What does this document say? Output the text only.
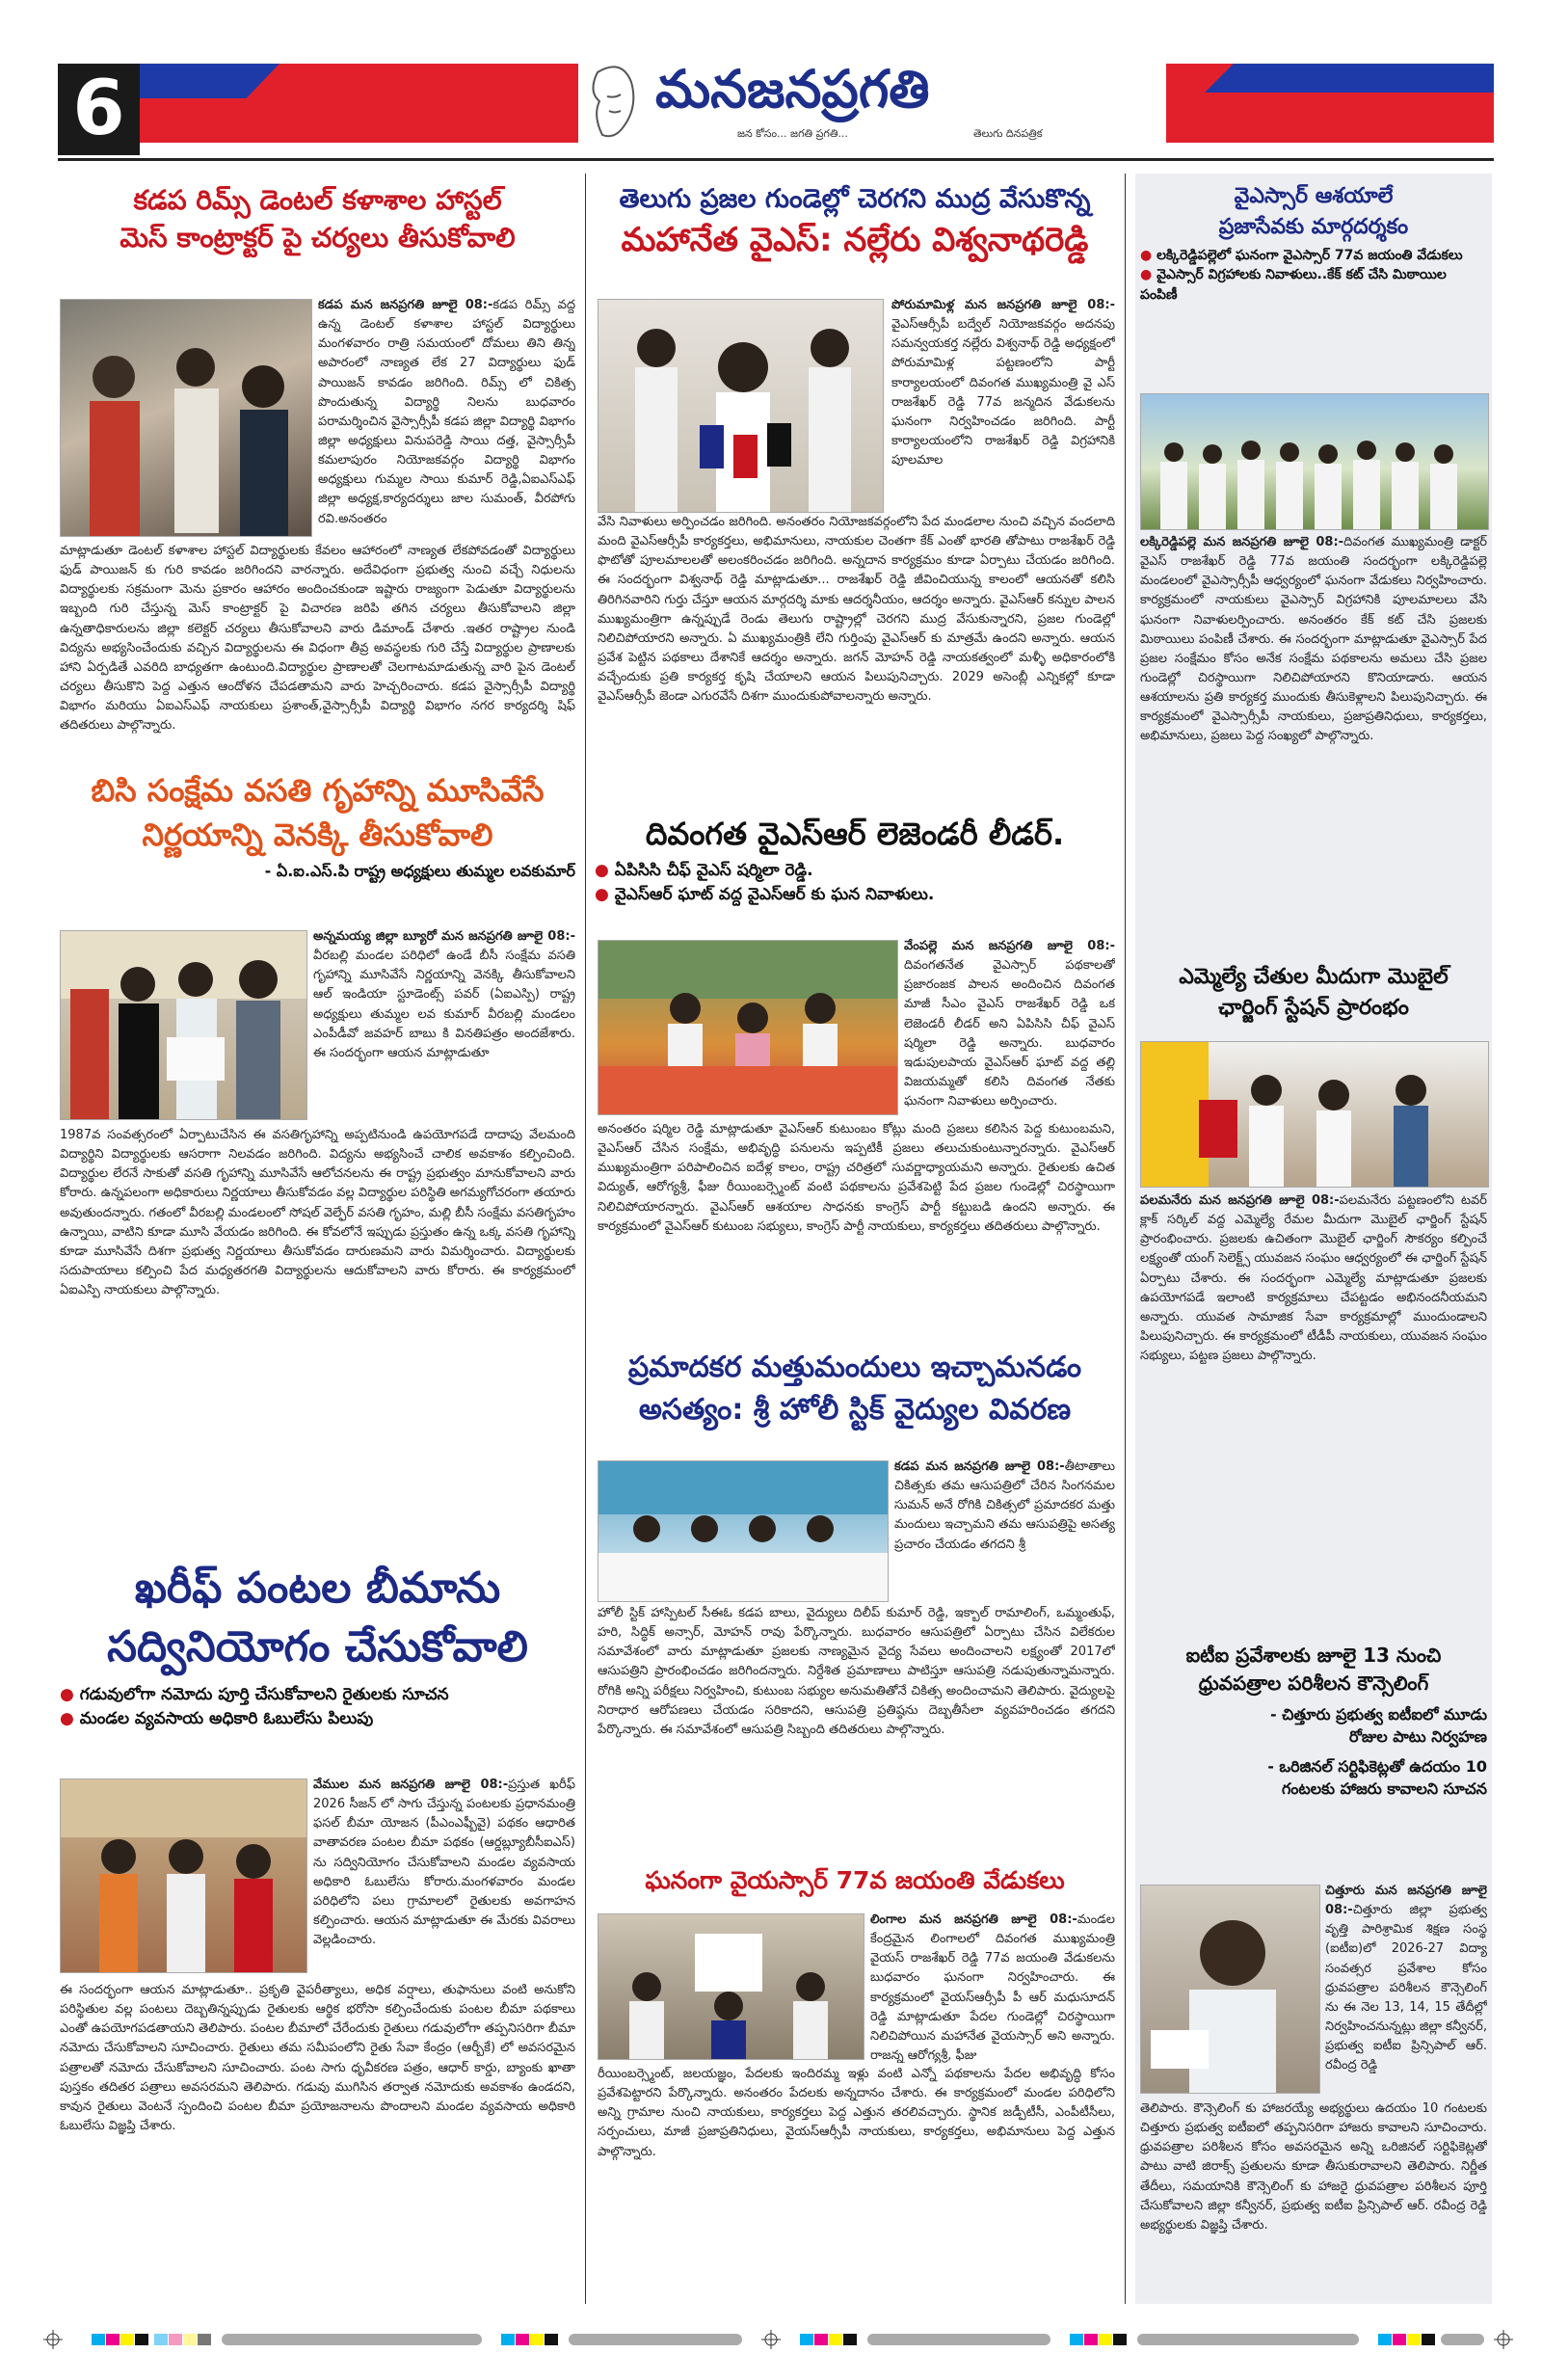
6	మనజనప్రగతి
జన కోసం... జగతి ప్రగతి...	తెలుగు దినపత్రిక	09 - 07 - 2026
కడప రిమ్స్ డెంటల్ కళాశాల హాస్టల్
మెస్ కాంట్రాక్టర్ పై చర్యలు తీసుకోవాలి
కడప మన జనప్రగతి జూలై 08:-కడప రిమ్స్ వద్ద ఉన్న డెంటల్ కళాశాల హాస్టల్ విద్యార్థులు మంగళవారం రాత్రి సమయంలో దోమలు తిని తిన్న అపారంలో నాణ్యత లేక 27 విద్యార్థులు ఫుడ్ పాయిజన్ కావడం జరిగింది. రిమ్స్ లో చికిత్స పొందుతున్న విద్యార్థి నిలను బుధవారం పరామర్శించిన వైస్సార్సీపీ కడప జిల్లా విద్యార్థి విభాగం జిల్లా అధ్యక్షులు వినుపరెడ్డి సాయి దత్త, వైస్సార్సీపీ కమలాపురం నియోజకవర్గం విద్యార్థి విభాగం అధ్యక్షులు గుమ్మల సాయి కుమార్ రెడ్డి,ఏఐఎస్ఎఫ్ జిల్లా అధ్యక్ష,కార్యదర్శులు జాల సుమంత్, వీరపోగు రవి.అనంతరం
మాట్లాడుతూ డెంటల్ కళాశాల హాస్టల్ విద్యార్థులకు కేవలం ఆహారంలో నాణ్యత లేకపోవడంతో విద్యార్థులు ఫుడ్ పాయిజన్ కు గురి కావడం జరిగిందని వారన్నారు. అదేవిధంగా ప్రభుత్వ నుంచి వచ్చే నిధులను విద్యార్థులకు సక్రమంగా మెను ప్రకారం ఆహారం అందించకుండా ఇష్టారు రాజ్యంగా పెడుతూ విద్యార్థులను ఇబ్బంది గురి చేస్తున్న మెస్ కాంట్రాక్టర్ పై విచారణ జరిపి తగిన చర్యలు తీసుకోవాలని జిల్లా ఉన్నతాధికారులను జిల్లా కలెక్టర్ చర్యలు తీసుకోవాలని వారు డిమాండ్ చేశారు .ఇతర రాష్ట్రాల నుండి విద్యను అభ్యసించేందుకు వచ్చిన విద్యార్థులను ఈ విధంగా తీవ్ర అవస్థలకు గురి చేస్తే విద్యార్థుల ప్రాణాలకు హాని ఏర్పడితే ఎవరిది బాధ్యతగా ఉంటుంది.విద్యార్థుల ప్రాణాలతో చెలగాటమాడుతున్న వారి పైన డెంటల్ చర్యలు తీసుకొని పెద్ద ఎత్తున ఆందోళన చేపడతామని వారు హెచ్చరించారు. కడప వైస్సార్సీపీ విద్యార్థి విభాగం మరియు ఏఐఎస్ఎఫ్ నాయకులు ప్రశాంత్,వైస్సార్సీపీ విద్యార్థి విభాగం నగర కార్యదర్శి షిఫ్ తదితరులు పాల్గొన్నారు.
బిసి సంక్షేమ వసతి గృహాన్ని మూసివేసే
నిర్ణయాన్ని వెనక్కి తీసుకోవాలి
- ఏ.ఐ.ఎస్.పి రాష్ట్ర అధ్యక్షులు తుమ్మల లవకుమార్
అన్నమయ్య జిల్లా బ్యూరో మన జనప్రగతి జూలై 08:-వీరబల్లి మండల పరిధిలో ఉండే బీసీ సంక్షేమ వసతి గృహాన్ని మూసివేసే నిర్ణయాన్ని వెనక్కి తీసుకోవాలని ఆల్ ఇండియా స్టూడెంట్స్ పవర్ (ఏఐఎస్పి) రాష్ట్ర అధ్యక్షులు తుమ్మల లవ కుమార్ వీరబల్లి మండలం ఎంపీడీవో జవహర్ బాబు కి వినతిపత్రం అందజేశారు. ఈ సందర్భంగా ఆయన మాట్లాడుతూ
1987వ సంవత్సరంలో ఏర్పాటుచేసిన ఈ వసతిగృహాన్ని అప్పటినుండి ఉపయోగపడే దాదాపు వేలమంది విద్యార్థిని విద్యార్థులకు ఆసరాగా నిలవడం జరిగింది. విద్యను అభ్యసించే చాలిక అవకాశం కల్పించింది. విద్యార్థుల లేరనే సాకుతో వసతి గృహాన్ని మూసివేసే ఆలోచనలను ఈ రాష్ట్ర ప్రభుత్వం మానుకోవాలని వారు కోరారు. ఉన్నపలంగా అధికారులు నిర్ణయాలు తీసుకోవడం వల్ల విద్యార్థుల పరిస్థితి అగమ్యగోచరంగా తయారు అవుతుందన్నారు. గతంలో వీరబల్లి మండలంలో సోషల్ వెల్ఫేర్ వసతి గృహం, మల్లి బీసీ సంక్షేమ వసతిగృహం ఉన్నాయి, వాటిని కూడా మూసి వేయడం జరిగింది. ఈ కోవలోనే ఇప్పుడు ప్రస్తుతం ఉన్న ఒక్క వసతి గృహాన్ని కూడా మూసివేసే దిశగా ప్రభుత్వ నిర్ణయాలు తీసుకోవడం దారుణమని వారు విమర్శించారు. విద్యార్థులకు సదుపాయాలు కల్పించి పేద మధ్యతరగతి విద్యార్థులను ఆదుకోవాలని వారు కోరారు. ఈ కార్యక్రమంలో ఏఐఎస్పి నాయకులు పాల్గొన్నారు.
ఖరీఫ్ పంటల బీమాను
సద్వినియోగం చేసుకోవాలి
● గడువులోగా నమోదు పూర్తి చేసుకోవాలని రైతులకు సూచన
● మండల వ్యవసాయ అధికారి ఓబులేసు పిలుపు
వేముల మన జనప్రగతి జూలై 08:-ప్రస్తుత ఖరీఫ్ 2026 సీజన్ లో సాగు చేస్తున్న పంటలకు ప్రధానమంత్రి ఫసల్ బీమా యోజన (పీఎంఎఫ్బీవై) పథకం ఆధారిత వాతావరణ పంటల బీమా పథకం (ఆర్డబ్ల్యూబీసీఐఎస్) ను సద్వినియోగం చేసుకోవాలని మండల వ్యవసాయ అధికారి ఓబులేసు కోరారు.మంగళవారం మండల పరిధిలోని పలు గ్రామాలలో రైతులకు అవగాహన కల్పించారు. ఆయన మాట్లాడుతూ ఈ మేరకు వివరాలు వెల్లడించారు.
ఈ సందర్భంగా ఆయన మాట్లాడుతూ.. ప్రకృతి వైపరీత్యాలు, అధిక వర్షాలు, తుఫానులు వంటి అనుకోని పరిస్థితుల వల్ల పంటలు దెబ్బతిన్నప్పుడు రైతులకు ఆర్థిక భరోసా కల్పించేందుకు పంటల బీమా పథకాలు ఎంతో ఉపయోగపడతాయని తెలిపారు. పంటల బీమాలో చేరేందుకు రైతులు గడువులోగా తప్పనిసరిగా బీమా నమోదు చేసుకోవాలని సూచించారు. రైతులు తమ సమీపంలోని రైతు సేవా కేంద్రం (ఆర్బీకే) లో అవసరమైన పత్రాలతో నమోదు చేసుకోవాలని సూచించారు. పంట సాగు ధృవీకరణ పత్రం, ఆధార్ కార్డు, బ్యాంకు ఖాతా పుస్తకం తదితర పత్రాలు అవసరమని తెలిపారు. గడువు ముగిసిన తర్వాత నమోదుకు అవకాశం ఉండదని, కావున రైతులు వెంటనే స్పందించి పంటల బీమా ప్రయోజనాలను పొందాలని మండల వ్యవసాయ అధికారి ఓబులేసు విజ్ఞప్తి చేశారు.
తెలుగు ప్రజల గుండెల్లో చెరగని ముద్ర వేసుకొన్న
మహానేత వైఎస్: నల్లేరు విశ్వనాథరెడ్డి
పోరుమామిళ్ల మన జనప్రగతి జూలై 08:-వైఎస్ఆర్సీపీ బద్వేల్ నియోజకవర్గం అదనపు సమన్వయకర్త నల్లేరు విశ్వనాథ్ రెడ్డి అధ్యక్షంలో పోరుమామిళ్ల పట్టణంలోని పార్టీ కార్యాలయంలో దివంగత ముఖ్యమంత్రి వై ఎస్ రాజశేఖర్ రెడ్డి 77వ జన్మదిన వేడుకలను ఘనంగా నిర్వహించడం జరిగింది. పార్టీ కార్యాలయంలోని రాజశేఖర్ రెడ్డి విగ్రహానికి పూలమాల
వేసి నివాళులు అర్పించడం జరిగింది. అనంతరం నియోజకవర్గంలోని పేద మండలాల నుంచి వచ్చిన వందలాది మంది వైఎస్ఆర్సీపీ కార్యకర్తలు, అభిమానులు, నాయకుల చెంతగా కేక్ ఎంతో భారతి తోపాటు రాజశేఖర్ రెడ్డి ఫొటోతో పూలమాలలతో అలంకరించడం జరిగింది. అన్నదాన కార్యక్రమం కూడా ఏర్పాటు చేయడం జరిగింది. ఈ సందర్భంగా విశ్వనాథ్ రెడ్డి మాట్లాడుతూ... రాజశేఖర్ రెడ్డి జీవించియున్న కాలంలో ఆయనతో కలిసి తిరిగినవారిని గుర్తు చేస్తూ ఆయన మార్గదర్శి మాకు ఆదర్శనీయం, ఆదర్శం అన్నారు. వైఎస్ఆర్ కన్నుల పాలన ముఖ్యమంత్రిగా ఉన్నప్పుడే రెండు తెలుగు రాష్ట్రాల్లో చెరగని ముద్ర వేసుకున్నారని, ప్రజల గుండెల్లో నిలిచిపోయారని అన్నారు. ఏ ముఖ్యమంత్రికి లేని గుర్తింపు వైఎస్ఆర్ కు మాత్రమే ఉందని అన్నారు. ఆయన ప్రవేశ పెట్టిన పథకాలు దేశానికే ఆదర్శం అన్నారు. జగన్ మోహన్ రెడ్డి నాయకత్వంలో మళ్ళీ అధికారంలోకి వచ్చేందుకు ప్రతి కార్యకర్త కృషి చేయాలని ఆయన పిలుపునిచ్చారు. 2029 అసెంబ్లీ ఎన్నికల్లో కూడా వైఎస్ఆర్సీపీ జెండా ఎగురవేసే దిశగా ముందుకుపోవాలన్నారు అన్నారు.
దివంగత వైఎస్ఆర్ లెజెండరీ లీడర్.
● ఏపిసిసి చీఫ్ వైఎస్ షర్మిలా రెడ్డి.
● వైఎస్ఆర్ ఘాట్ వద్ద వైఎస్ఆర్ కు ఘన నివాళులు.
వేంపల్లె మన జనప్రగతి జూలై 08:-దివంగతనేత వైఎస్సార్ పథకాలతో ప్రజారంజక పాలన అందించిన దివంగత మాజీ సీఎం వైఎస్ రాజశేఖర్ రెడ్డి ఒక లెజెండరీ లీడర్ అని ఏపిసిసి చీఫ్ వైఎస్ షర్మిలా రెడ్డి అన్నారు. బుధవారం ఇడుపులపాయ వైఎస్ఆర్ ఘాట్ వద్ద తల్లి విజయమ్మతో కలిసి దివంగత నేతకు ఘనంగా నివాళులు అర్పించారు.
అనంతరం షర్మిల రెడ్డి మాట్లాడుతూ వైఎస్ఆర్ కుటుంబం కోట్లు మంది ప్రజలు కలిసిన పెద్ద కుటుంబమని, వైఎస్ఆర్ చేసిన సంక్షేమ, అభివృద్ధి పనులను ఇప్పటికీ ప్రజలు తలుచుకుంటున్నారన్నారు. వైఎస్ఆర్ ముఖ్యమంత్రిగా పరిపాలించిన ఐదేళ్ల కాలం, రాష్ట్ర చరిత్రలో సువర్ణాధ్యాయమని అన్నారు. రైతులకు ఉచిత విద్యుత్, ఆరోగ్యశ్రీ, ఫీజు రీయింబర్స్మెంట్ వంటి పథకాలను ప్రవేశపెట్టి పేద ప్రజల గుండెల్లో చిరస్థాయిగా నిలిచిపోయారన్నారు. వైఎస్ఆర్ ఆశయాల సాధనకు కాంగ్రెస్ పార్టీ కట్టుబడి ఉందని అన్నారు. ఈ కార్యక్రమంలో వైఎస్ఆర్ కుటుంబ సభ్యులు, కాంగ్రెస్ పార్టీ నాయకులు, కార్యకర్తలు తదితరులు పాల్గొన్నారు.
ప్రమాదకర మత్తుమందులు ఇచ్చామనడం
అసత్యం: శ్రీ హోలీ స్టిక్ వైద్యుల వివరణ
కడప మన జనప్రగతి జూలై 08:-తీటాతాలు చికిత్సకు తమ ఆసుపత్రిలో చేరిన సింగనమల సుమన్ అనే రోగికి చికిత్సలో ప్రమాదకర మత్తు మందులు ఇచ్చామని తమ ఆసుపత్రిపై అసత్య ప్రచారం చేయడం తగదని శ్రీ
హోలీ స్టిక్ హాస్పిటల్ సీఈఓ కడప బాలు, వైద్యులు దిలీప్ కుమార్ రెడ్డి, ఇక్బాల్ రామాలింగ్, ఒమ్మంతుఫ్, హరి, సిద్ధిక్ అన్సార్, మోహన్ రావు పేర్కొన్నారు. బుధవారం ఆసుపత్రిలో ఏర్పాటు చేసిన విలేకరుల సమావేశంలో వారు మాట్లాడుతూ ప్రజలకు నాణ్యమైన వైద్య సేవలు అందించాలని లక్ష్యంతో 2017లో ఆసుపత్రిని ప్రారంభించడం జరిగిందన్నారు. నిర్దేశిత ప్రమాణాలు పాటిస్తూ ఆసుపత్రి నడుపుతున్నామన్నారు. రోగికి అన్ని పరీక్షలు నిర్వహించి, కుటుంబ సభ్యుల అనుమతితోనే చికిత్స అందించామని తెలిపారు. వైద్యులపై నిరాధార ఆరోపణలు చేయడం సరికాదని, ఆసుపత్రి ప్రతిష్ఠను దెబ్బతీసేలా వ్యవహరించడం తగదని పేర్కొన్నారు. ఈ సమావేశంలో ఆసుపత్రి సిబ్బంది తదితరులు పాల్గొన్నారు.
ఘనంగా వైయస్సార్ 77వ జయంతి వేడుకలు
లింగాల మన జనప్రగతి జూలై 08:-మండల కేంద్రమైన లింగాలలో దివంగత ముఖ్యమంత్రి వైయస్ రాజశేఖర్ రెడ్డి 77వ జయంతి వేడుకలను బుధవారం ఘనంగా నిర్వహించారు. ఈ కార్యక్రమంలో వైయస్ఆర్సీపీ పీ ఆర్ మధుసూదన్ రెడ్డి మాట్లాడుతూ పేదల గుండెల్లో చిరస్థాయిగా నిలిచిపోయిన మహానేత వైయస్సార్ అని అన్నారు. రాజన్న ఆరోగ్యశ్రీ, ఫీజు
రీయింబర్స్మెంట్, జలయజ్ఞం, పేదలకు ఇందిరమ్మ ఇళ్లు వంటి ఎన్నో పథకాలను పేదల అభివృద్ధి కోసం ప్రవేశపెట్టారని పేర్కొన్నారు. అనంతరం పేదలకు అన్నదానం చేశారు. ఈ కార్యక్రమంలో మండల పరిధిలోని అన్ని గ్రామాల నుంచి నాయకులు, కార్యకర్తలు పెద్ద ఎత్తున తరలివచ్చారు. స్థానిక జడ్పీటీసీ, ఎంపీటీసీలు, సర్పంచులు, మాజీ ప్రజాప్రతినిధులు, వైయస్ఆర్సీపీ నాయకులు, కార్యకర్తలు, అభిమానులు పెద్ద ఎత్తున పాల్గొన్నారు.
వైఎస్సార్ ఆశయాలే
ప్రజాసేవకు మార్గదర్శకం
● లక్కిరెడ్డిపల్లెలో ఘనంగా వైఎస్సార్ 77వ జయంతి వేడుకలు
● వైఎస్సార్ విగ్రహాలకు నివాళులు..కేక్ కట్ చేసి మిఠాయిల పంపిణీ
లక్కిరెడ్డిపల్లె మన జనప్రగతి జూలై 08:-దివంగత ముఖ్యమంత్రి డాక్టర్ వైఎస్ రాజశేఖర్ రెడ్డి 77వ జయంతి సందర్భంగా లక్కిరెడ్డిపల్లె మండలంలో వైఎస్సార్సీపీ ఆధ్వర్యంలో ఘనంగా వేడుకలు నిర్వహించారు. కార్యక్రమంలో నాయకులు వైఎస్సార్ విగ్రహానికి పూలమాలలు వేసి ఘనంగా నివాళులర్పించారు. అనంతరం కేక్ కట్ చేసి ప్రజలకు మిఠాయిలు పంపిణీ చేశారు. ఈ సందర్భంగా మాట్లాడుతూ వైఎస్సార్ పేద ప్రజల సంక్షేమం కోసం అనేక సంక్షేమ పథకాలను అమలు చేసి ప్రజల గుండెల్లో చిరస్థాయిగా నిలిచిపోయారని కొనియాడారు. ఆయన ఆశయాలను ప్రతి కార్యకర్త ముందుకు తీసుకెళ్లాలని పిలుపునిచ్చారు. ఈ కార్యక్రమంలో వైఎస్సార్సీపీ నాయకులు, ప్రజాప్రతినిధులు, కార్యకర్తలు, అభిమానులు, ప్రజలు పెద్ద సంఖ్యలో పాల్గొన్నారు.
ఎమ్మెల్యే చేతుల మీదుగా మొబైల్
ఛార్జింగ్ స్టేషన్ ప్రారంభం
పలమనేరు మన జనప్రగతి జూలై 08:-పలమనేరు పట్టణంలోని టవర్ క్లాక్ సర్కిల్ వద్ద ఎమ్మెల్యే రేమల మీదుగా మొబైల్ ఛార్జింగ్ స్టేషన్ ప్రారంభించారు. ప్రజలకు ఉచితంగా మొబైల్ ఛార్జింగ్ సౌకర్యం కల్పించే లక్ష్యంతో యంగ్ సెలెక్ట్స్ యువజన సంఘం ఆధ్వర్యంలో ఈ ఛార్జింగ్ స్టేషన్ ఏర్పాటు చేశారు. ఈ సందర్భంగా ఎమ్మెల్యే మాట్లాడుతూ ప్రజలకు ఉపయోగపడే ఇలాంటి కార్యక్రమాలు చేపట్టడం అభినందనీయమని అన్నారు. యువత సామాజిక సేవా కార్యక్రమాల్లో ముందుండాలని పిలుపునిచ్చారు. ఈ కార్యక్రమంలో టీడీపీ నాయకులు, యువజన సంఘం సభ్యులు, పట్టణ ప్రజలు పాల్గొన్నారు.
ఐటీఐ ప్రవేశాలకు జూలై 13 నుంచి
ధ్రువపత్రాల పరిశీలన కౌన్సెలింగ్
- చిత్తూరు ప్రభుత్వ ఐటీఐలో మూడు
రోజుల పాటు నిర్వహణ
- ఒరిజినల్ సర్టిఫికెట్లతో ఉదయం 10
గంటలకు హాజరు కావాలని సూచన
చిత్తూరు మన జనప్రగతి జూలై 08:-చిత్తూరు జిల్లా ప్రభుత్వ వృత్తి పారిశ్రామిక శిక్షణ సంస్థ (ఐటీఐ)లో 2026-27 విద్యా సంవత్సర ప్రవేశాల కోసం ధ్రువపత్రాల పరిశీలన కౌన్సెలింగ్ ను ఈ నెల 13, 14, 15 తేదీల్లో నిర్వహించనున్నట్లు జిల్లా కన్వీనర్, ప్రభుత్వ ఐటీఐ ప్రిన్సిపాల్ ఆర్. రవీంద్ర రెడ్డి
తెలిపారు. కౌన్సెలింగ్ కు హాజరయ్యే అభ్యర్థులు ఉదయం 10 గంటలకు చిత్తూరు ప్రభుత్వ ఐటీఐలో తప్పనిసరిగా హాజరు కావాలని సూచించారు. ధ్రువపత్రాల పరిశీలన కోసం అవసరమైన అన్ని ఒరిజినల్ సర్టిఫికెట్లతో పాటు వాటి జిరాక్స్ ప్రతులను కూడా తీసుకురావాలని తెలిపారు. నిర్ణీత తేదీలు, సమయానికి కౌన్సెలింగ్ కు హాజరై ధ్రువపత్రాల పరిశీలన పూర్తి చేసుకోవాలని జిల్లా కన్వీనర్, ప్రభుత్వ ఐటీఐ ప్రిన్సిపాల్ ఆర్. రవీంద్ర రెడ్డి అభ్యర్థులకు విజ్ఞప్తి చేశారు.
